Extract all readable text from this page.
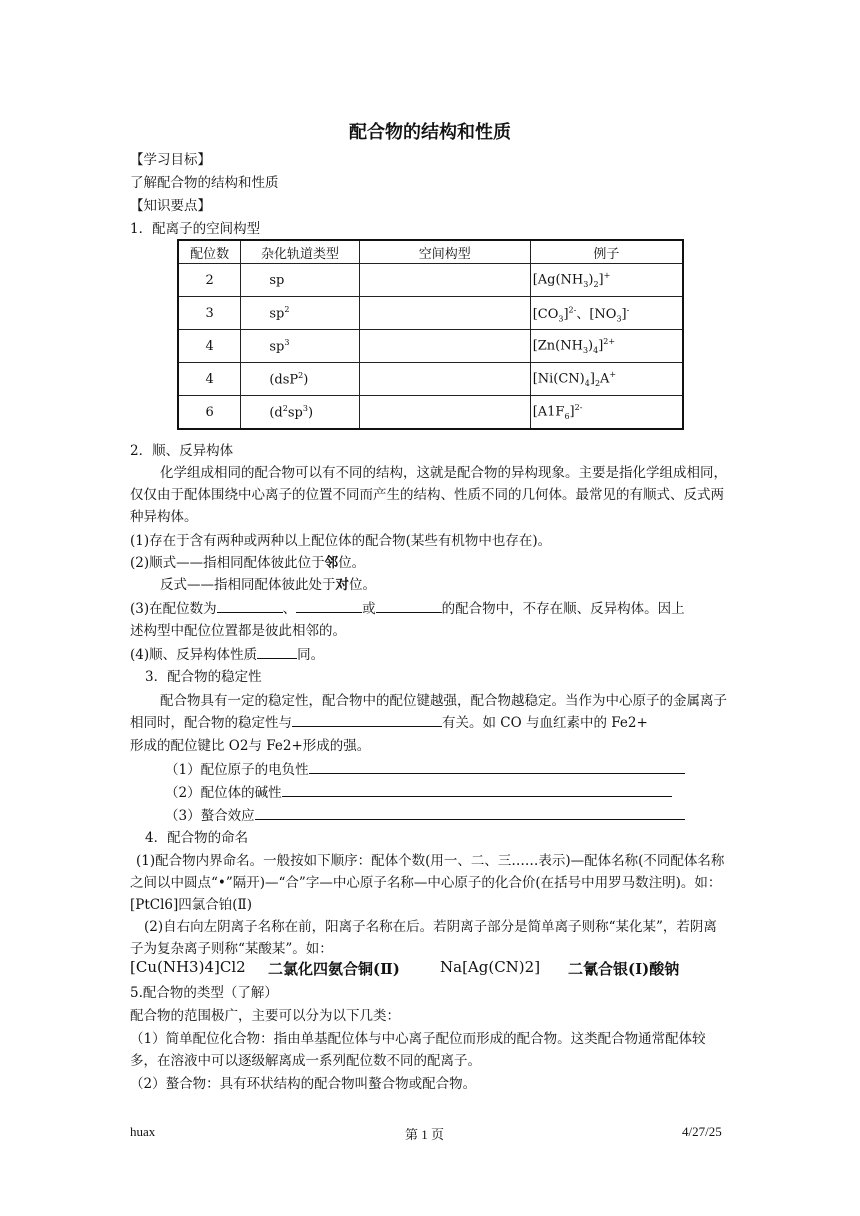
配合物的结构和性质
【学习目标】
了解配合物的结构和性质
【知识要点】
1．配离子的空间构型
配位数	杂化轨道类型	空间构型	例子
2	sp		$[Ag(NH_3)_2]^+$
3	$sp^2$		$[CO_3]^{2-}$、$[NO_3]^-$
4	$sp^3$		$[Zn(NH_3)_4]^{2+}$
4	(dsP$^2$)		$[Ni(CN)_4]_2A^+$
6	$(d^2sp^3)$		$[A1F_6]^{2-}$
2．顺、反异构体
化学组成相同的配合物可以有不同的结构，这就是配合物的异构现象。主要是指化学组成相同，仅仅由于配体围绕中心离子的位置不同而产生的结构、性质不同的几何体。最常见的有顺式、反式两种异构体。
(1)存在于含有两种或两种以上配位体的配合物(某些有机物中也存在)。
(2)顺式——指相同配体彼此位于邻位。
反式——指相同配体彼此处于对位。
(3)在配位数为	、	或	的配合物中，不存在顺、反异构体。因上
述构型中配位位置都是彼此相邻的。
(4)顺、反异构体性质	同。
3．配合物的稳定性
配合物具有一定的稳定性，配合物中的配位键越强，配合物越稳定。当作为中心原子的金属离子相同时，配合物的稳定性与	有关。如 CO 与血红素中的 Fe2+
形成的配位键比 O2与 Fe2+形成的强。
（1）配位原子的电负性
（2）配位体的碱性
（3）螯合效应
4．配合物的命名
(1)配合物内界命名。一般按如下顺序：配体个数(用一、二、三……表示)—配体名称(不同配体名称之间以中圆点“•”隔开)—“合”字—中心原子名称—中心原子的化合价(在括号中用罗马数注明)。如：[PtCl6]四氯合铂(Ⅱ)
(2)自右向左阴离子名称在前，阳离子名称在后。若阴离子部分是简单离子则称“某化某”，若阴离子为复杂离子则称“某酸某”。如：
[Cu(NH3)4]Cl2 二氯化四氨合铜(Ⅱ)	Na[Ag(CN)2] 二氰合银(Ⅰ)酸钠
5.配合物的类型（了解）
配合物的范围极广，主要可以分为以下几类：
（1）简单配位化合物：指由单基配位体与中心离子配位而形成的配合物。这类配合物通常配体较多，在溶液中可以逐级解离成一系列配位数不同的配离子。
（2）螯合物：具有环状结构的配合物叫螯合物或配合物。
huax	第 1 页	4/27/25
